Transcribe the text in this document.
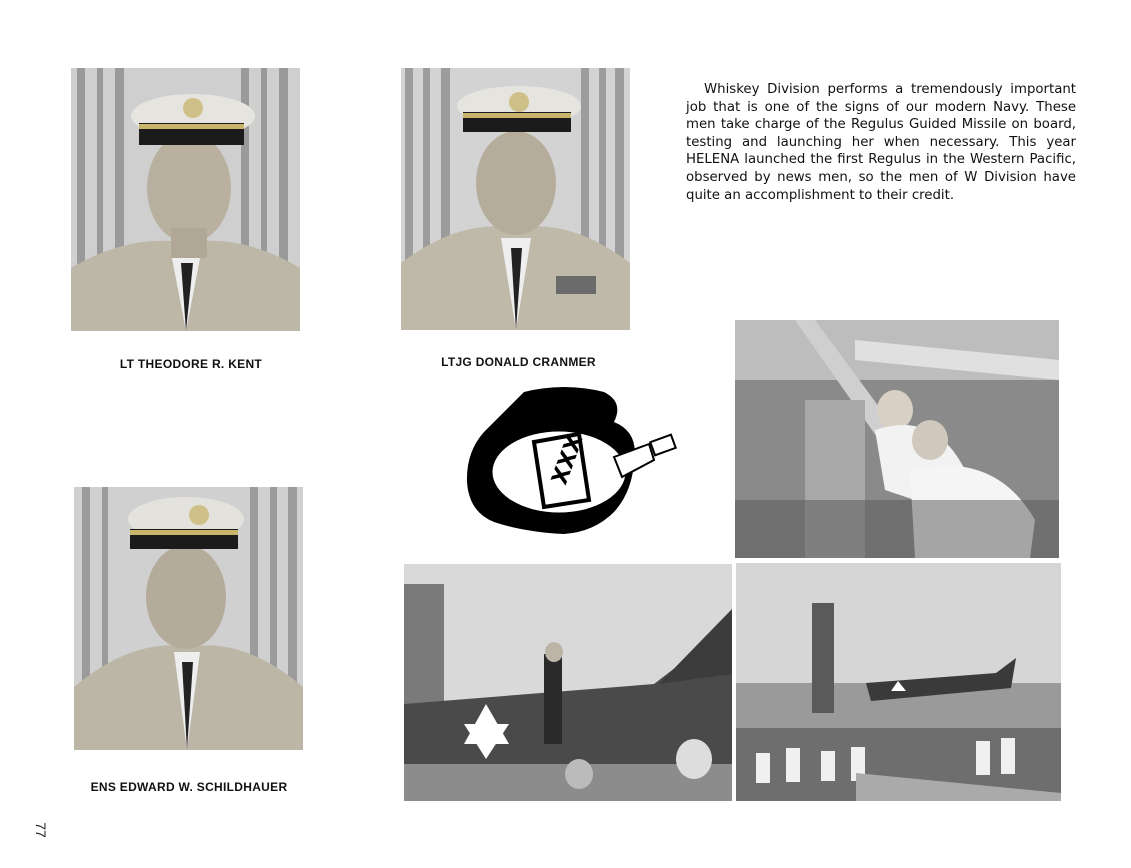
LT THEODORE R. KENT	LTJG DONALD CRANMER
ENS EDWARD W. SCHILDHAUER

Whiskey Division performs a tremendously important job that is one of the signs of our modern Navy. These men take charge of the Regulus Guided Missile on board, testing and launching her when necessary. This year HELENA launched the first Regulus in the Western Pacific, observed by news men, so the men of W Division have quite an accomplishment to their credit.

XXX
77
